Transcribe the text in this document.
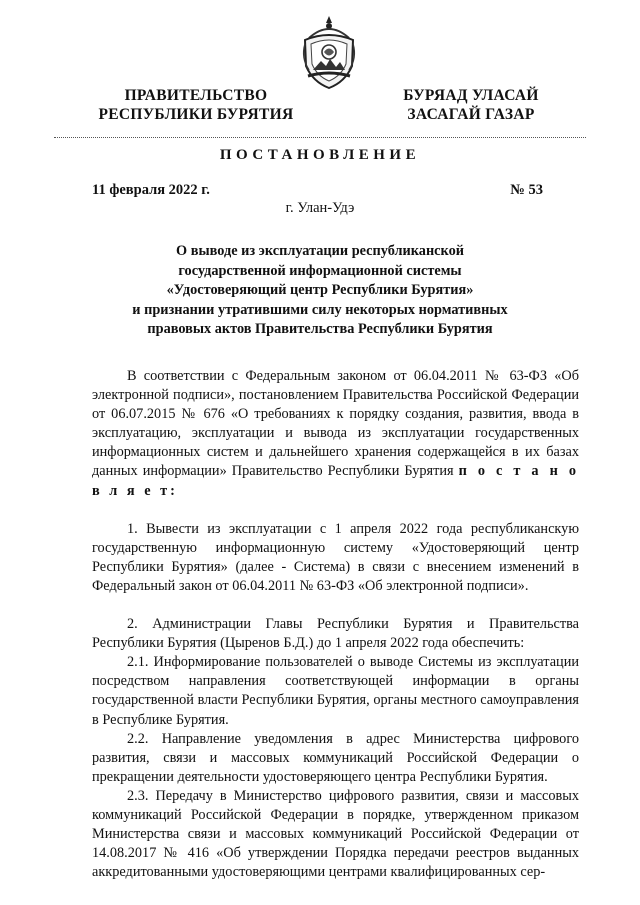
ПРАВИТЕЛЬСТВО
РЕСПУБЛИКИ БУРЯТИЯ
БУРЯАД УЛАСАЙ
ЗАСАГАЙ ГАЗАР
ПОСТАНОВЛЕНИЕ
11 февраля 2022 г.	№ 53
г. Улан-Удэ
О выводе из эксплуатации республиканской
государственной информационной системы
«Удостоверяющий центр Республики Бурятия»
и признании утратившими силу некоторых нормативных
правовых актов Правительства Республики Бурятия

В соответствии с Федеральным законом от 06.04.2011 № 63-ФЗ «Об электронной подписи», постановлением Правительства Российской Федерации от 06.07.2015 № 676 «О требованиях к порядку создания, развития, ввода в эксплуатацию, эксплуатации и вывода из эксплуатации государственных информационных систем и дальнейшего хранения содержащейся в их базах данных информации» Правительство Республики Бурятия п о с т а н о в л я е т:

1. Вывести из эксплуатации с 1 апреля 2022 года республиканскую государственную информационную систему «Удостоверяющий центр Республики Бурятия» (далее - Система) в связи с внесением изменений в Федеральный закон от 06.04.2011 № 63-ФЗ «Об электронной подписи».

2. Администрации Главы Республики Бурятия и Правительства Республики Бурятия (Цыренов Б.Д.) до 1 апреля 2022 года обеспечить:

2.1. Информирование пользователей о выводе Системы из эксплуатации посредством направления соответствующей информации в органы государственной власти Республики Бурятия, органы местного самоуправления в Республике Бурятия.

2.2. Направление уведомления в адрес Министерства цифрового развития, связи и массовых коммуникаций Российской Федерации о прекращении деятельности удостоверяющего центра Республики Бурятия.

2.3. Передачу в Министерство цифрового развития, связи и массовых коммуникаций Российской Федерации в порядке, утвержденном приказом Министерства связи и массовых коммуникаций Российской Федерации от 14.08.2017 № 416 «Об утверждении Порядка передачи реестров выданных аккредитованными удостоверяющими центрами квалифицированных сер-
